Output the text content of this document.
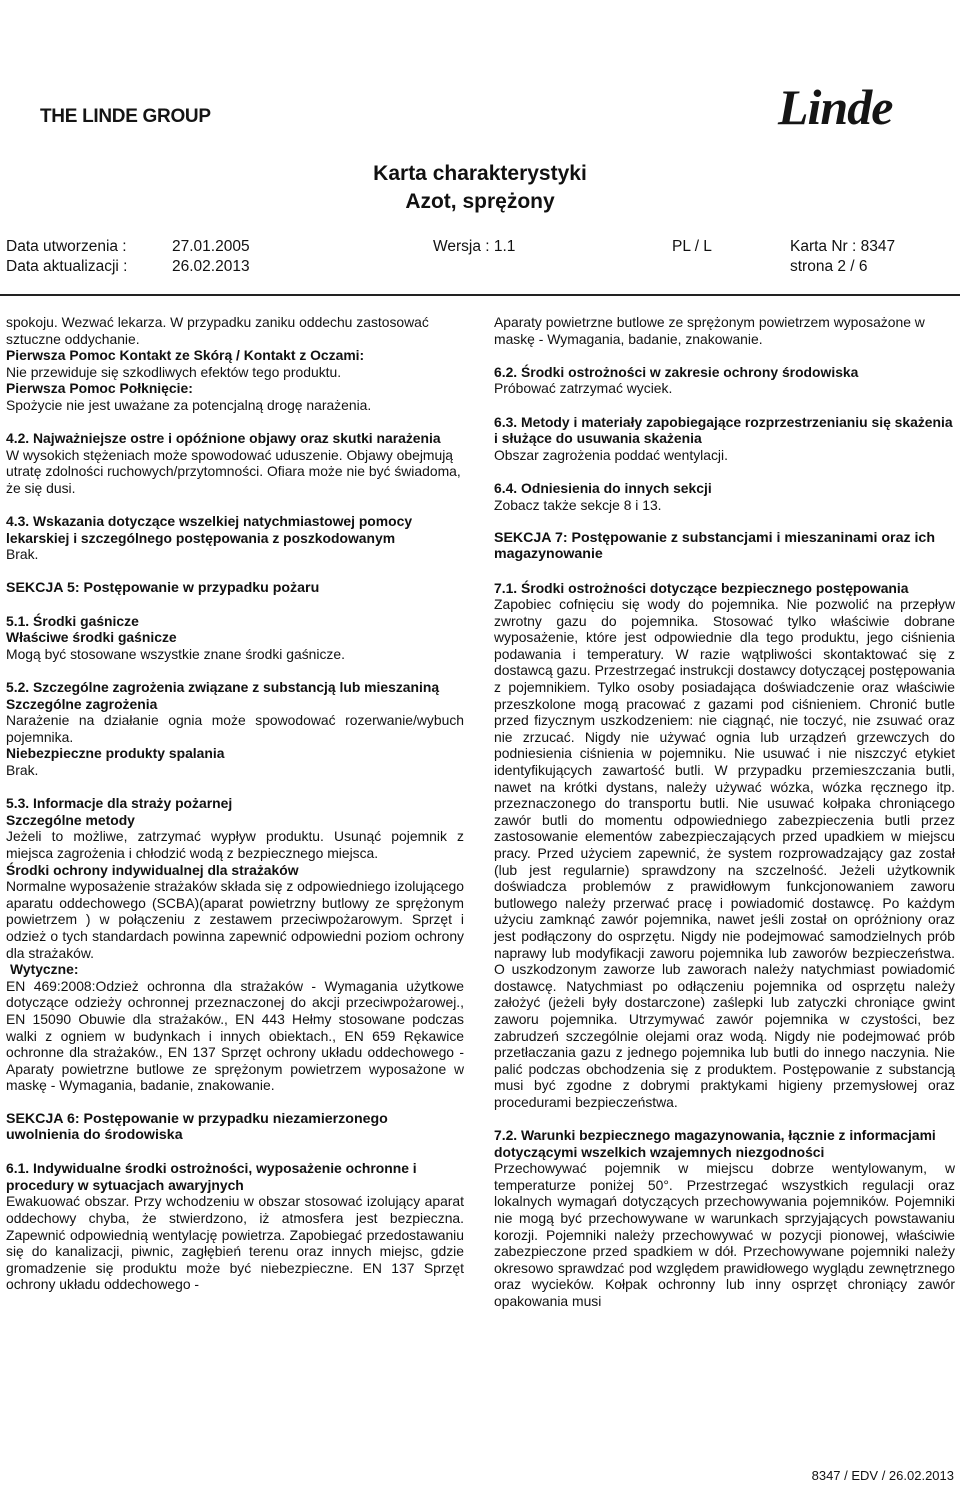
THE LINDE GROUP	Linde
Karta charakterystyki
Azot, sprężony
Data utworzenia :	27.01.2005	Wersja : 1.1	PL / L	Karta Nr : 8347
Data aktualizacji :	26.02.2013	strona 2 / 6

spokoju. Wezwać lekarza. W przypadku zaniku oddechu zastosować sztuczne oddychanie.

Pierwsza Pomoc Kontakt ze Skórą / Kontakt z Oczami:
Nie przewiduje się szkodliwych efektów tego produktu.
Pierwsza Pomoc Połknięcie:

Spożycie nie jest uważane za potencjalną drogę narażenia.

4.2. Najważniejsze ostre i opóźnione objawy oraz skutki narażenia

W wysokich stężeniach może spowodować uduszenie. Objawy obejmują utratę zdolności ruchowych/przytomności. Ofiara może nie być świadoma, że się dusi.

4.3. Wskazania dotyczące wszelkiej natychmiastowej pomocy lekarskiej i szczególnego postępowania z poszkodowanym

Brak.

SEKCJA 5: Postępowanie w przypadku pożaru

5.1. Środki gaśnicze
Właściwe środki gaśnicze

Mogą być stosowane wszystkie znane środki gaśnicze.

5.2. Szczególne zagrożenia związane z substancją lub mieszaniną
Szczególne zagrożenia
Narażenie na działanie ognia może spowodować rozerwanie/wybuch pojemnika.
Niebezpieczne produkty spalania

Brak.

5.3. Informacje dla straży pożarnej
Szczególne metody
Jeżeli to możliwe, zatrzymać wypływ produktu. Usunąć pojemnik z miejsca zagrożenia i chłodzić wodą z bezpiecznego miejsca.
Środki ochrony indywidualnej dla strażaków
Normalne wyposażenie strażaków składa się z odpowiedniego izolującego aparatu oddechowego (SCBA)(aparat powietrzny butlowy ze sprężonym powietrzem ) w połączeniu z zestawem przeciwpożarowym. Sprzęt i odzież o tych standardach powinna zapewnić odpowiedni poziom ochrony dla strażaków.
Wytyczne:

EN 469:2008:Odzież ochronna dla strażaków - Wymagania użytkowe dotyczące odzieży ochronnej przeznaczonej do akcji przeciwpożarowej., EN 15090 Obuwie dla strażaków., EN 443 Hełmy stosowane podczas walki z ogniem w budynkach i innych obiektach., EN 659 Rękawice ochronne dla strażaków., EN 137 Sprzęt ochrony układu oddechowego - Aparaty powietrzne butlowe ze sprężonym powietrzem wyposażone w maskę - Wymagania, badanie, znakowanie.

SEKCJA 6: Postępowanie w przypadku niezamierzonego uwolnienia do środowiska

6.1. Indywidualne środki ostrożności, wyposażenie ochronne i procedury w sytuacjach awaryjnych
Ewakuować obszar. Przy wchodzeniu w obszar stosować izolujący aparat oddechowy chyba, że stwierdzono, iż atmosfera jest bezpieczna. Zapewnić odpowiednią wentylację powietrza. Zapobiegać przedostawaniu się do kanalizacji, piwnic, zagłębień terenu oraz innych miejsc, gdzie gromadzenie się produktu może być niebezpieczne. EN 137 Sprzęt ochrony układu oddechowego -

Aparaty powietrzne butlowe ze sprężonym powietrzem wyposażone w maskę - Wymagania, badanie, znakowanie.

6.2. Środki ostrożności w zakresie ochrony środowiska

Próbować zatrzymać wyciek.

6.3. Metody i materiały zapobiegające rozprzestrzenianiu się skażenia i służące do usuwania skażenia

Obszar zagrożenia poddać wentylacji.

6.4. Odniesienia do innych sekcji

Zobacz także sekcje 8 i 13.

SEKCJA 7: Postępowanie z substancjami i mieszaninami oraz ich magazynowanie

7.1. Środki ostrożności dotyczące bezpiecznego postępowania

Zapobiec cofnięciu się wody do pojemnika. Nie pozwolić na przepływ zwrotny gazu do pojemnika. Stosować tylko właściwie dobrane wyposażenie, które jest odpowiednie dla tego produktu, jego ciśnienia podawania i temperatury. W razie wątpliwości skontaktować się z dostawcą gazu. Przestrzegać instrukcji dostawcy dotyczącej postępowania z pojemnikiem. Tylko osoby posiadająca doświadczenie oraz właściwie przeszkolone mogą pracować z gazami pod ciśnieniem. Chronić butle przed fizycznym uszkodzeniem: nie ciągnąć, nie toczyć, nie zsuwać oraz nie zrzucać. Nigdy nie używać ognia lub urządzeń grzewczych do podniesienia ciśnienia w pojemniku. Nie usuwać i nie niszczyć etykiet identyfikujących zawartość butli. W przypadku przemieszczania butli, nawet na krótki dystans, należy używać wózka, wózka ręcznego itp. przeznaczonego do transportu butli. Nie usuwać kołpaka chroniącego zawór butli do momentu odpowiedniego zabezpieczenia butli przez zastosowanie elementów zabezpieczających przed upadkiem w miejscu pracy. Przed użyciem zapewnić, że system rozprowadzający gaz został (lub jest regularnie) sprawdzony na szczelność. Jeżeli użytkownik doświadcza problemów z prawidłowym funkcjonowaniem zaworu butlowego należy przerwać pracę i powiadomić dostawcę. Po każdym użyciu zamknąć zawór pojemnika, nawet jeśli został on opróżniony oraz jest podłączony do osprzętu. Nigdy nie podejmować samodzielnych prób naprawy lub modyfikacji zaworu pojemnika lub zaworów bezpieczeństwa. O uszkodzonym zaworze lub zaworach należy natychmiast powiadomić dostawcę. Natychmiast po odłączeniu pojemnika od osprzętu należy założyć (jeżeli były dostarczone) zaślepki lub zatyczki chroniące gwint zaworu pojemnika. Utrzymywać zawór pojemnika w czystości, bez zabrudzeń szczególnie olejami oraz wodą. Nigdy nie podejmować prób przetłaczania gazu z jednego pojemnika lub butli do innego naczynia. Nie palić podczas obchodzenia się z produktem. Postępowanie z substancją musi być zgodne z dobrymi praktykami higieny przemysłowej oraz procedurami bezpieczeństwa.

7.2. Warunki bezpiecznego magazynowania, łącznie z informacjami dotyczącymi wszelkich wzajemnych niezgodności
Przechowywać pojemnik w miejscu dobrze wentylowanym, w temperaturze poniżej 50°. Przestrzegać wszystkich regulacji oraz lokalnych wymagań dotyczących przechowywania pojemników. Pojemniki nie mogą być przechowywane w warunkach sprzyjających powstawaniu korozji. Pojemniki należy przechowywać w pozycji pionowej, właściwie zabezpieczone przed spadkiem w dół. Przechowywane pojemniki należy okresowo sprawdzać pod względem prawidłowego wyglądu zewnętrznego oraz wycieków. Kołpak ochronny lub inny osprzęt chroniący zawór opakowania musi
8347 / EDV / 26.02.2013
